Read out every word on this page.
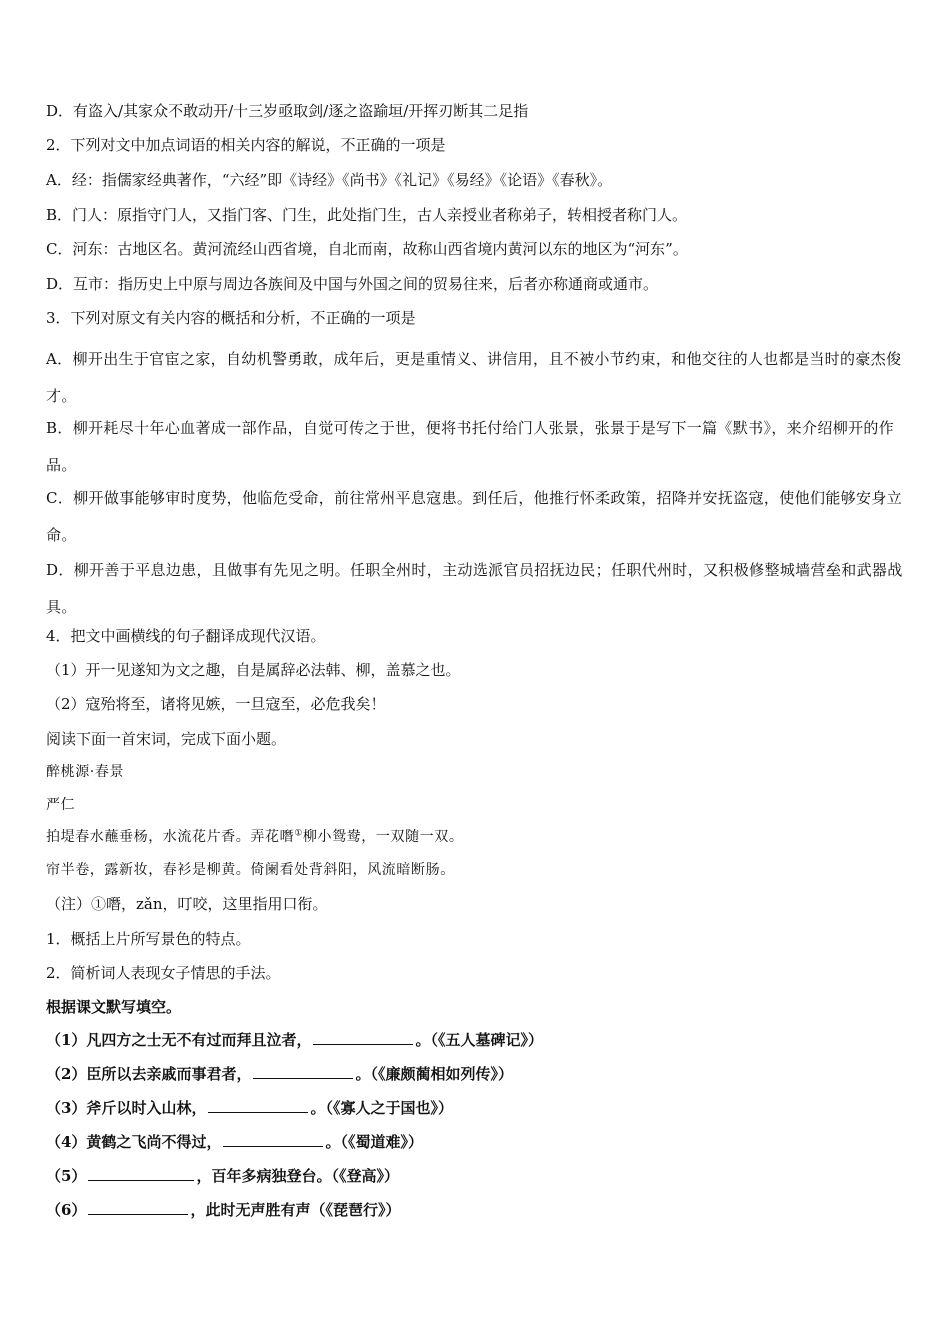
D．有盗入/其家众不敢动开/十三岁亟取剑/逐之盗踰垣/开挥刃断其二足指
2．下列对文中加点词语的相关内容的解说，不正确的一项是
A．经：指儒家经典著作，“六经”即《诗经》《尚书》《礼记》《易经》《论语》《春秋》。
B．门人：原指守门人，又指门客、门生，此处指门生，古人亲授业者称弟子，转相授者称门人。
C．河东：古地区名。黄河流经山西省境，自北而南，故称山西省境内黄河以东的地区为“河东”。
D．互市：指历史上中原与周边各族间及中国与外国之间的贸易往来，后者亦称通商或通市。
3．下列对原文有关内容的概括和分析，不正确的一项是
A．柳开出生于官宦之家，自幼机警勇敢，成年后，更是重情义、讲信用，且不被小节约束，和他交往的人也都是当时的豪杰俊才。
B．柳开耗尽十年心血著成一部作品，自觉可传之于世，便将书托付给门人张景，张景于是写下一篇《默书》，来介绍柳开的作品。
C．柳开做事能够审时度势，他临危受命，前往常州平息寇患。到任后，他推行怀柔政策，招降并安抚盗寇，使他们能够安身立命。
D．柳开善于平息边患，且做事有先见之明。任职全州时，主动选派官员招抚边民；任职代州时，又积极修整城墙营垒和武器战具。
4．把文中画横线的句子翻译成现代汉语。
（1）开一见遂知为文之趣，自是属辞必法韩、柳，盖慕之也。
（2）寇殆将至，诸将见嫉，一旦寇至，必危我矣！
阅读下面一首宋词，完成下面小题。
醉桃源·春景
严仁
拍堤春水蘸垂杨，水流花片香。弄花噆①柳小鸳鸯，一双随一双。
帘半卷，露新妆，春衫是柳黄。倚阑看处背斜阳，风流暗断肠。
（注）①噆，zǎn，叮咬，这里指用口衔。
1．概括上片所写景色的特点。
2．简析词人表现女子情思的手法。
根据课文默写填空。
（1）凡四方之士无不有过而拜且泣者，	。（《五人墓碑记》）
（2）臣所以去亲戚而事君者，	。（《廉颇蔺相如列传》）
（3）斧斤以时入山林，	。（《寡人之于国也》）
（4）黄鹤之飞尚不得过，	。（《蜀道难》）
（5）	，百年多病独登台。（《登高》）
（6）	，此时无声胜有声（《琵琶行》）
